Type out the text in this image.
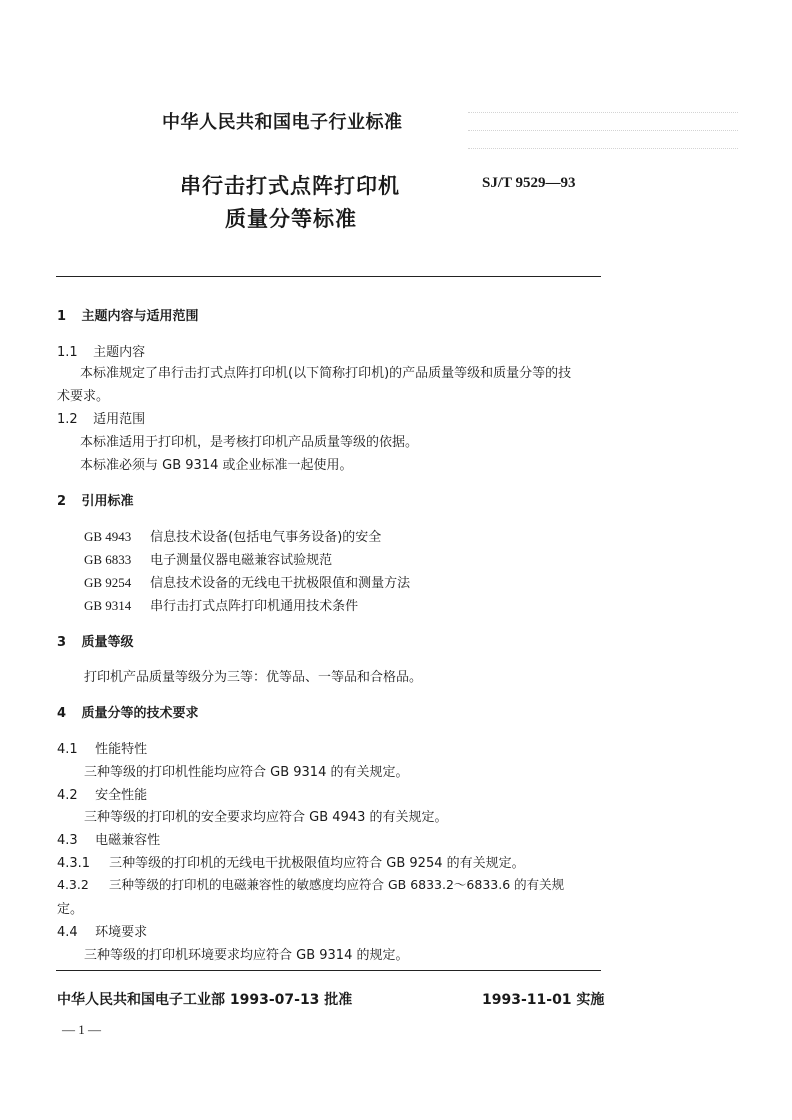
中华人民共和国电子行业标准
串行击打式点阵打印机
质量分等标准
SJ/T 9529—93
1 主题内容与适用范围
1.1 主题内容
本标准规定了串行击打式点阵打印机(以下简称打印机)的产品质量等级和质量分等的技
术要求。
1.2 适用范围
本标准适用于打印机，是考核打印机产品质量等级的依据。
本标准必须与 GB 9314 或企业标准一起使用。
2 引用标准
GB 4943 信息技术设备(包括电气事务设备)的安全
GB 6833 电子测量仪器电磁兼容试验规范
GB 9254 信息技术设备的无线电干扰极限值和测量方法
GB 9314 串行击打式点阵打印机通用技术条件
3 质量等级
打印机产品质量等级分为三等：优等品、一等品和合格品。
4 质量分等的技术要求
4.1 性能特性
三种等级的打印机性能均应符合 GB 9314 的有关规定。
4.2 安全性能
三种等级的打印机的安全要求均应符合 GB 4943 的有关规定。
4.3 电磁兼容性
4.3.1 三种等级的打印机的无线电干扰极限值均应符合 GB 9254 的有关规定。
4.3.2 三种等级的打印机的电磁兼容性的敏感度均应符合 GB 6833.2～6833.6 的有关规
定。
4.4 环境要求
三种等级的打印机环境要求均应符合 GB 9314 的规定。
中华人民共和国电子工业部 1993-07-13 批准	1993-11-01 实施
— 1 —
